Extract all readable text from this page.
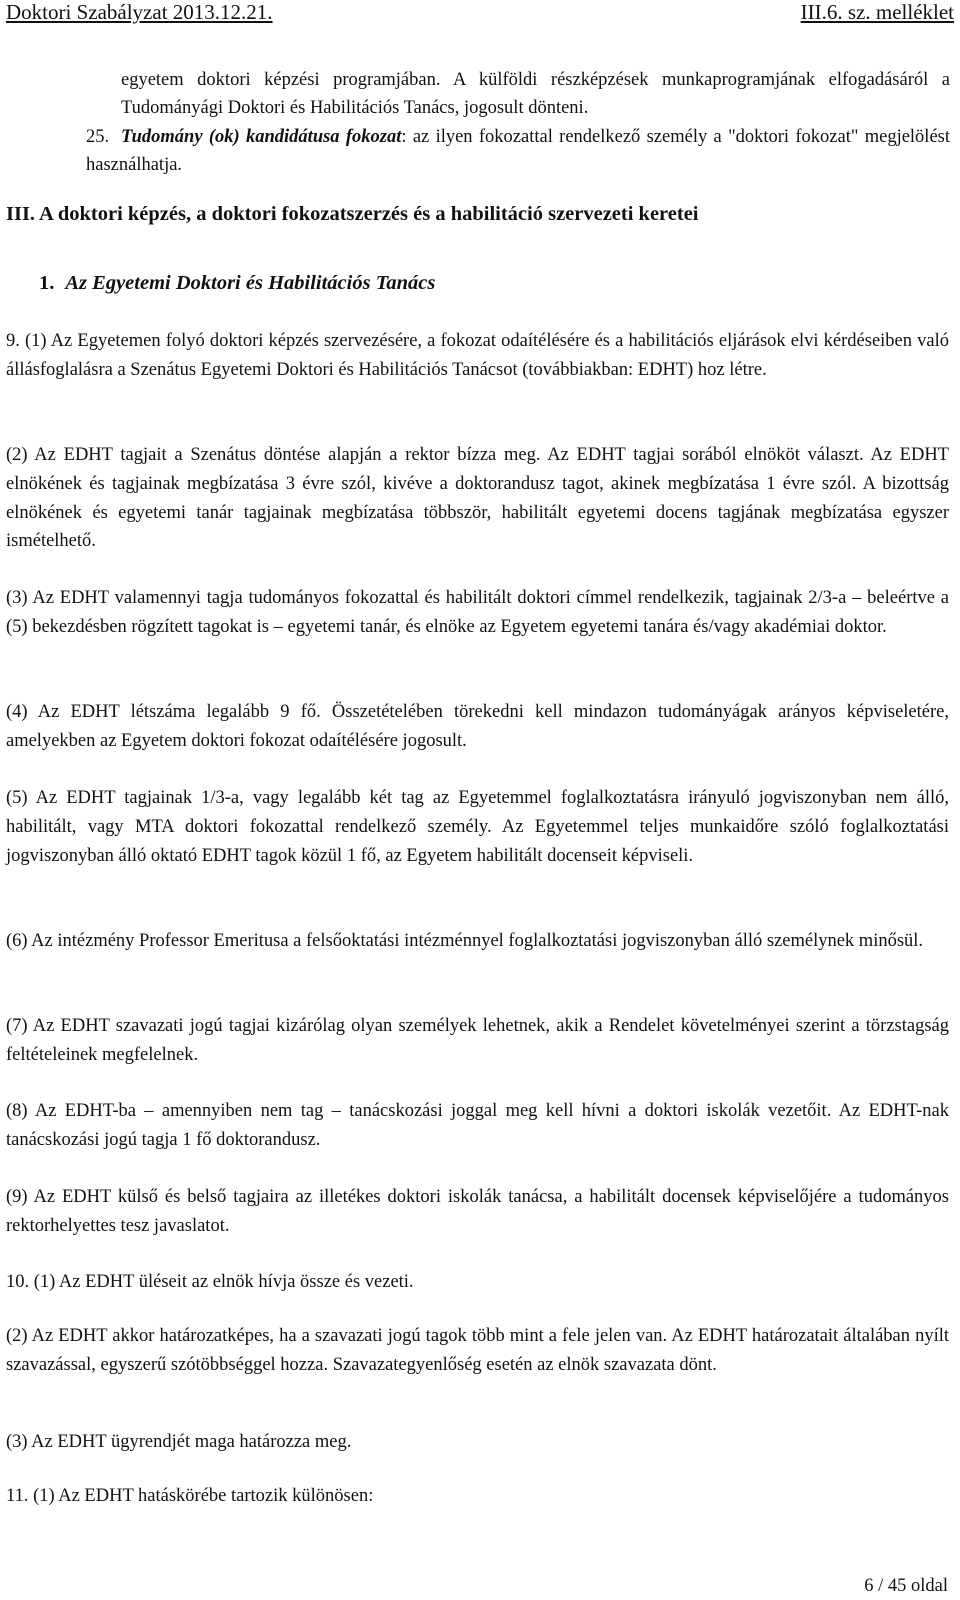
Doktori Szabályzat 2013.12.21.	III.6. sz. melléklet

egyetem doktori képzési programjában. A külföldi részképzések munkaprogramjának elfogadásáról a Tudományági Doktori és Habilitációs Tanács, jogosult dönteni.

25. Tudomány (ok) kandidátusa fokozat: az ilyen fokozattal rendelkező személy a "doktori fokozat" megjelölést használhatja.

III. A doktori képzés, a doktori fokozatszerzés és a habilitáció szervezeti keretei
1. Az Egyetemi Doktori és Habilitációs Tanács

9. (1) Az Egyetemen folyó doktori képzés szervezésére, a fokozat odaítélésére és a habilitációs eljárások elvi kérdéseiben való állásfoglalásra a Szenátus Egyetemi Doktori és Habilitációs Tanácsot (továbbiakban: EDHT) hoz létre.

(2) Az EDHT tagjait a Szenátus döntése alapján a rektor bízza meg. Az EDHT tagjai sorából elnököt választ. Az EDHT elnökének és tagjainak megbízatása 3 évre szól, kivéve a doktorandusz tagot, akinek megbízatása 1 évre szól. A bizottság elnökének és egyetemi tanár tagjainak megbízatása többször, habilitált egyetemi docens tagjának megbízatása egyszer ismételhető.

(3) Az EDHT valamennyi tagja tudományos fokozattal és habilitált doktori címmel rendelkezik, tagjainak 2/3-a – beleértve a (5) bekezdésben rögzített tagokat is – egyetemi tanár, és elnöke az Egyetem egyetemi tanára és/vagy akadémiai doktor.

(4) Az EDHT létszáma legalább 9 fő. Összetételében törekedni kell mindazon tudományágak arányos képviseletére, amelyekben az Egyetem doktori fokozat odaítélésére jogosult.

(5) Az EDHT tagjainak 1/3-a, vagy legalább két tag az Egyetemmel foglalkoztatásra irányuló jogviszonyban nem álló, habilitált, vagy MTA doktori fokozattal rendelkező személy. Az Egyetemmel teljes munkaidőre szóló foglalkoztatási jogviszonyban álló oktató EDHT tagok közül 1 fő, az Egyetem habilitált docenseit képviseli.

(6) Az intézmény Professor Emeritusa a felsőoktatási intézménnyel foglalkoztatási jogviszonyban álló személynek minősül.

(7) Az EDHT szavazati jogú tagjai kizárólag olyan személyek lehetnek, akik a Rendelet követelményei szerint a törzstagság feltételeinek megfelelnek.

(8) Az EDHT-ba – amennyiben nem tag – tanácskozási joggal meg kell hívni a doktori iskolák vezetőit. Az EDHT-nak tanácskozási jogú tagja 1 fő doktorandusz.

(9) Az EDHT külső és belső tagjaira az illetékes doktori iskolák tanácsa, a habilitált docensek képviselőjére a tudományos rektorhelyettes tesz javaslatot.

10. (1) Az EDHT üléseit az elnök hívja össze és vezeti.

(2) Az EDHT akkor határozatképes, ha a szavazati jogú tagok több mint a fele jelen van. Az EDHT határozatait általában nyílt szavazással, egyszerű szótöbbséggel hozza. Szavazategyenlőség esetén az elnök szavazata dönt.

(3) Az EDHT ügyrendjét maga határozza meg.

11. (1) Az EDHT hatáskörébe tartozik különösen:

6 / 45 oldal
